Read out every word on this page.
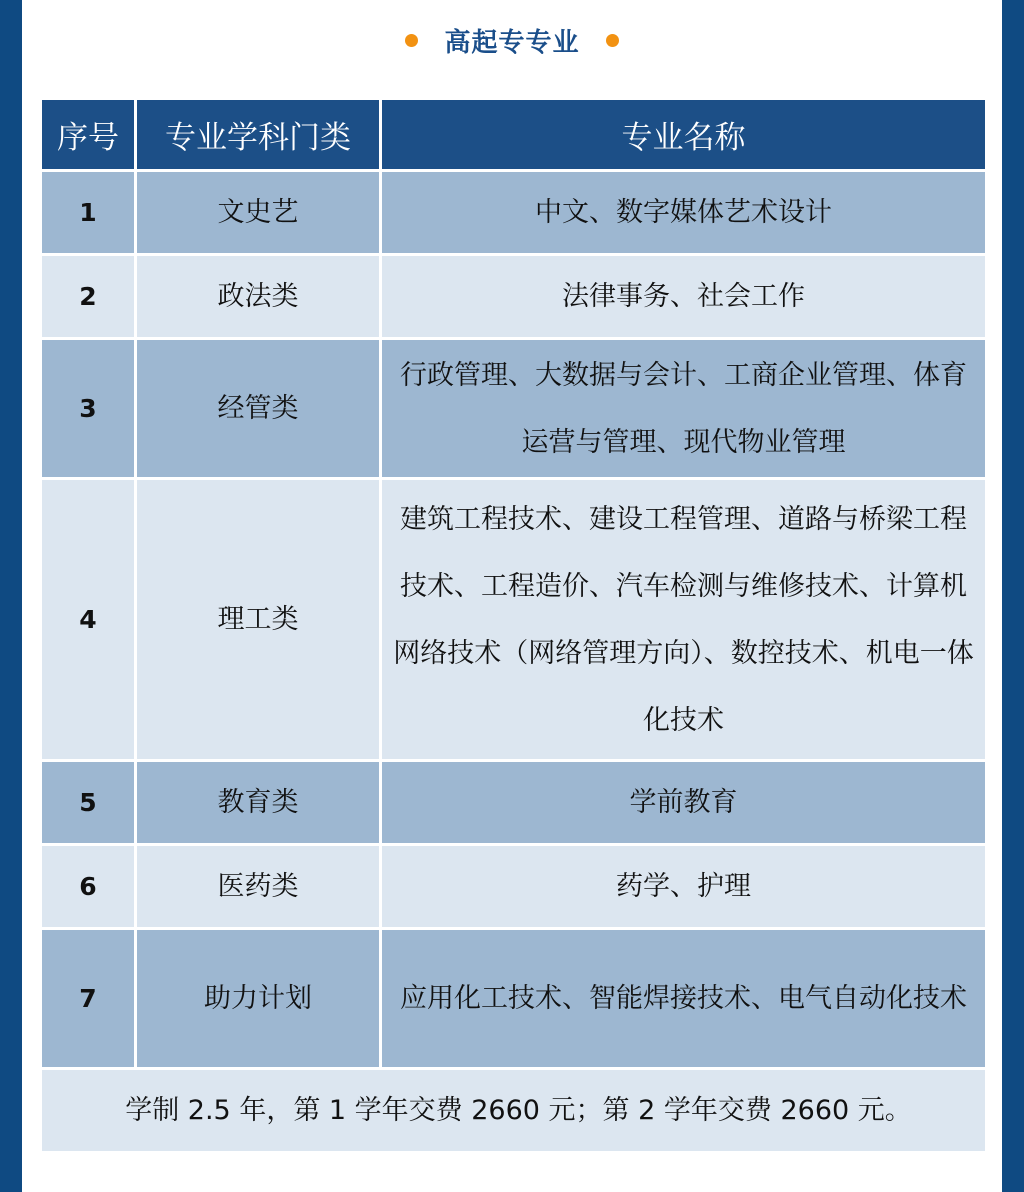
高起专专业
序号	专业学科门类	专业名称
1	文史艺	中文、数字媒体艺术设计
2	政法类	法律事务、社会工作
3	经管类	行政管理、大数据与会计、工商企业管理、体育运营与管理、现代物业管理
4	理工类	建筑工程技术、建设工程管理、道路与桥梁工程技术、工程造价、汽车检测与维修技术、计算机网络技术（网络管理方向）、数控技术、机电一体化技术
5	教育类	学前教育
6	医药类	药学、护理
7	助力计划	应用化工技术、智能焊接技术、电气自动化技术
学制 2.5 年，第 1 学年交费 2660 元；第 2 学年交费 2660 元。		
